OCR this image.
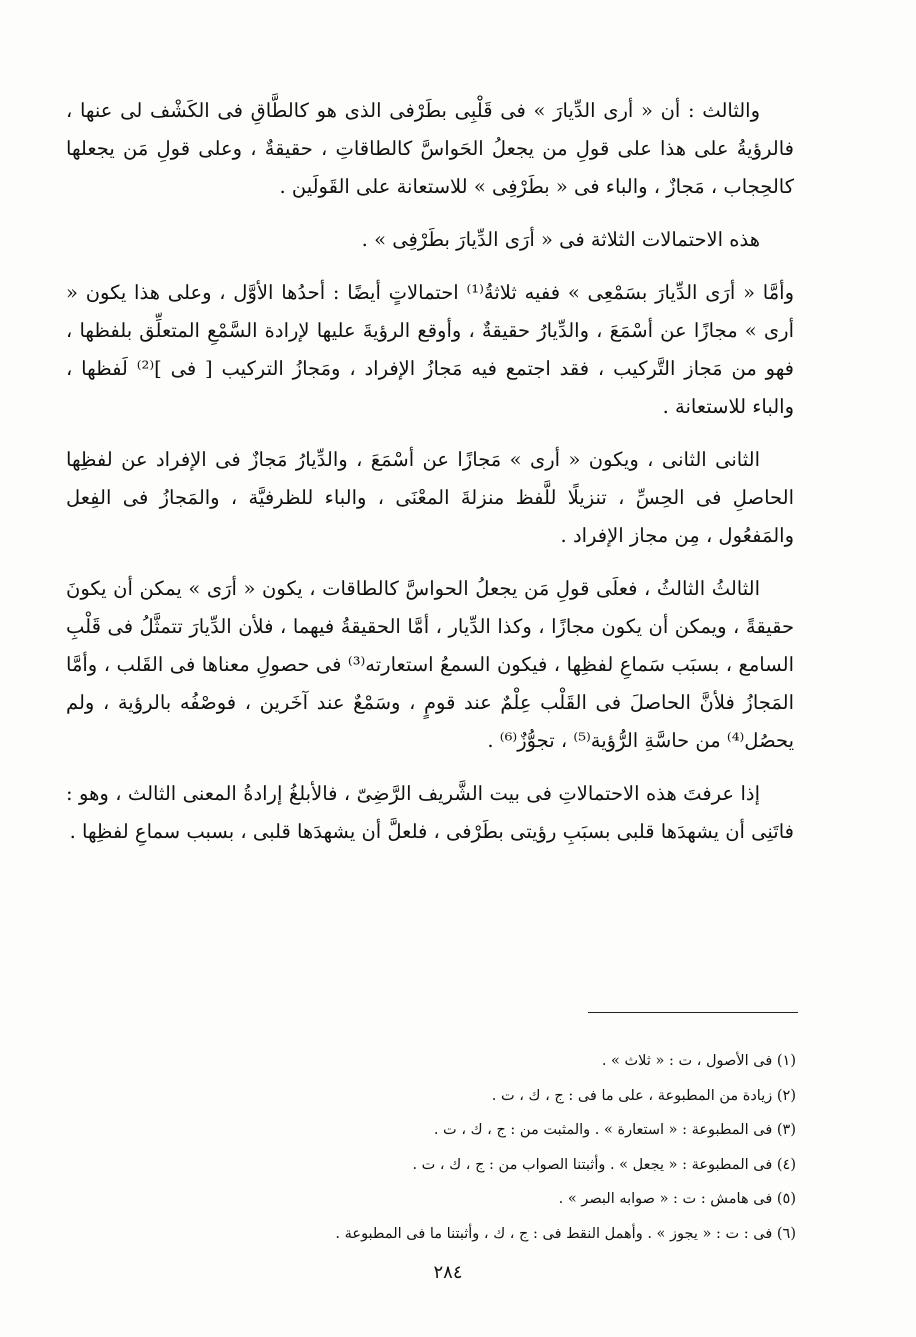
والثالث : أن « أرى الدِّيارَ » فى قَلْبِى بطَرْفى الذى هو كالطَّاقِ فى الكَشْف لى عنها ، فالرؤيةُ على هذا على قولِ من يجعلُ الحَواسَّ كالطاقاتِ ، حقيقةٌ ، وعلى قولِ مَن يجعلها كالحِجاب ، مَجازٌ ، والباء فى « بطَرْفِى » للاستعانة على القَولَين .

هذه الاحتمالات الثلاثة فى « أرَى الدِّيارَ بطَرْفِى » .

وأمَّا « أرَى الدِّيارَ بسَمْعِى » ففيه ثلاثةُ⁽¹⁾ احتمالاتٍ أيضًا : أحدُها الأوَّل ، وعلى هذا يكون « أرى » مجازًا عن أسْمَعَ ، والدِّيارُ حقيقةٌ ، وأوقع الرؤيةَ عليها لإرادة السَّمْعِ المتعلِّق بلفظها ، فهو من مَجاز التَّركيب ، فقد اجتمع فيه مَجازُ الإفراد ، ومَجازُ التركيب [ فى ]⁽²⁾ لَفظها ، والباء للاستعانة .

الثانى الثانى ، ويكون « أرى » مَجازًا عن أسْمَعَ ، والدِّيارُ مَجازٌ فى الإفراد عن لفظِها الحاصلِ فى الحِسِّ ، تنزيلًا للَّفظ منزلةَ المعْنَى ، والباء للظرفيَّة ، والمَجازُ فى الفِعل والمَفعُول ، مِن مجاز الإفراد .

الثالثُ الثالثُ ، فعلَى قولِ مَن يجعلُ الحواسَّ كالطاقات ، يكون « أرَى » يمكن أن يكونَ حقيقةً ، ويمكن أن يكون مجازًا ، وكذا الدِّيار ، أمَّا الحقيقةُ فيهما ، فلأن الدِّيارَ تتمثَّلُ فى قَلْبِ السامع ، بسبَب سَماعِ لفظِها ، فيكون السمعُ استعارته⁽³⁾ فى حصولِ معناها فى القَلب ، وأمَّا المَجازُ فلأنَّ الحاصلَ فى القَلْب عِلْمٌ عند قومٍ ، وسَمْعٌ عند آخَرين ، فوصْفُه بالرؤية ، ولم يحصُل⁽⁴⁾ من حاسَّةِ الرُّؤية⁽⁵⁾ ، تجوُّزٌ⁽⁶⁾ .

إذا عرفتَ هذه الاحتمالاتِ فى بيت الشَّريف الرَّضِىّ ، فالأبلغُ إرادةُ المعنى الثالث ، وهو : فاتَنِى أن يشهدَها قلبى بسبَبِ رؤيتى بطَرْفى ، فلعلَّ أن يشهدَها قلبى ، بسبب سماعِ لفظِها .

(١) فى الأصول ، ت : « ثلاث » .

(٢) زيادة من المطبوعة ، على ما فى : ج ، ك ، ت .

(٣) فى المطبوعة : « استعارة » . والمثبت من : ج ، ك ، ت .

(٤) فى المطبوعة : « يجعل » . وأثبتنا الصواب من : ج ، ك ، ت .

(٥) فى هامش : ت : « صوابه البصر » .

(٦) فى : ت : « يجوز » . وأهمل النقط فى : ج ، ك ، وأثبتنا ما فى المطبوعة .

٢٨٤
